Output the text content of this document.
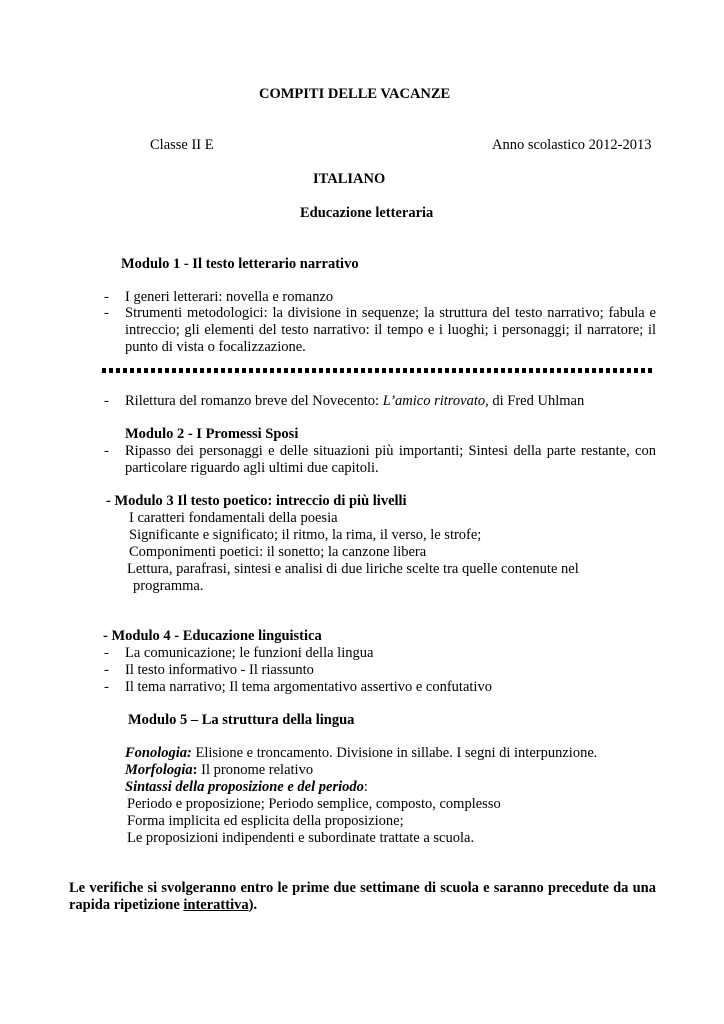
COMPITI DELLE VACANZE
Classe II E	Anno scolastico 2012-2013
ITALIANO
Educazione letteraria
Modulo 1 - Il testo letterario narrativo
- I generi letterari: novella e romanzo
- Strumenti metodologici: la divisione in sequenze; la struttura del testo narrativo; fabula e intreccio; gli elementi del testo narrativo: il tempo e i luoghi; i personaggi; il narratore; il punto di vista o focalizzazione.
- Rilettura del romanzo breve del Novecento: L’amico ritrovato, di Fred Uhlman
Modulo 2 - I Promessi Sposi
- Ripasso dei personaggi e delle situazioni più importanti; Sintesi della parte restante, con particolare riguardo agli ultimi due capitoli.
- Modulo 3 Il testo poetico: intreccio di più livelli
I caratteri fondamentali della poesia
Significante e significato; il ritmo, la rima, il verso, le strofe;
Componimenti poetici: il sonetto; la canzone libera
Lettura, parafrasi, sintesi e analisi di due liriche scelte tra quelle contenute nel
programma.
- Modulo 4 - Educazione linguistica
- La comunicazione; le funzioni della lingua
- Il testo informativo - Il riassunto
- Il tema narrativo; Il tema argomentativo assertivo e confutativo
Modulo 5 – La struttura della lingua
Fonologia: Elisione e troncamento. Divisione in sillabe. I segni di interpunzione.
Morfologia: Il pronome relativo
Sintassi della proposizione e del periodo:
Periodo e proposizione; Periodo semplice, composto, complesso
Forma implicita ed esplicita della proposizione;
Le proposizioni indipendenti e subordinate trattate a scuola.
Le verifiche si svolgeranno entro le prime due settimane di scuola e saranno precedute da una rapida ripetizione interattiva).
